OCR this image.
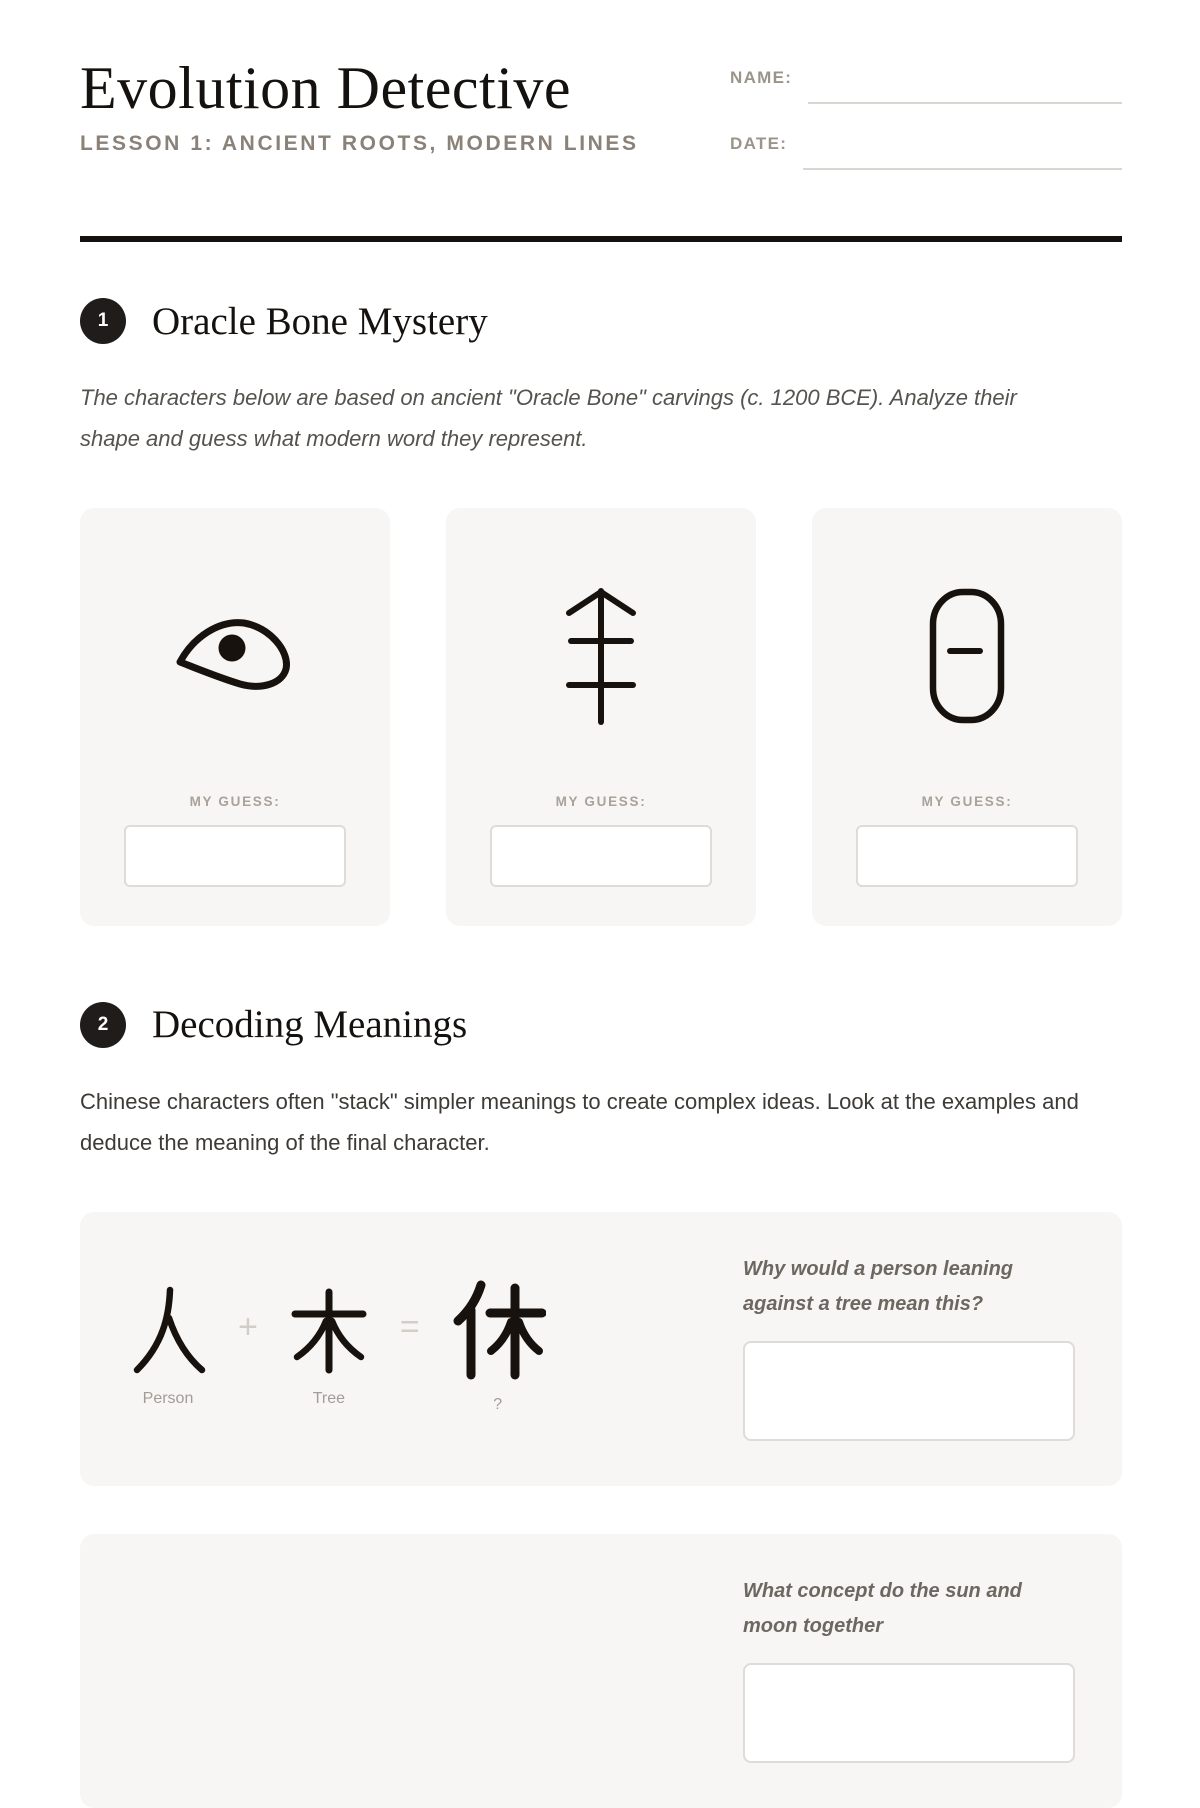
Evolution Detective
LESSON 1: ANCIENT ROOTS, MODERN LINES
NAME:
DATE:
1	Oracle Bone Mystery

The characters below are based on ancient "Oracle Bone" carvings (c. 1200 BCE). Analyze their shape and guess what modern word they represent.

MY GUESS:	MY GUESS:	MY GUESS:
2	Decoding Meanings

Chinese characters often "stack" simpler meanings to create complex ideas. Look at the examples and deduce the meaning of the final character.

Person
+
Tree
=
?

Why would a person leaning against a tree mean this?

What concept do the sun and moon together
